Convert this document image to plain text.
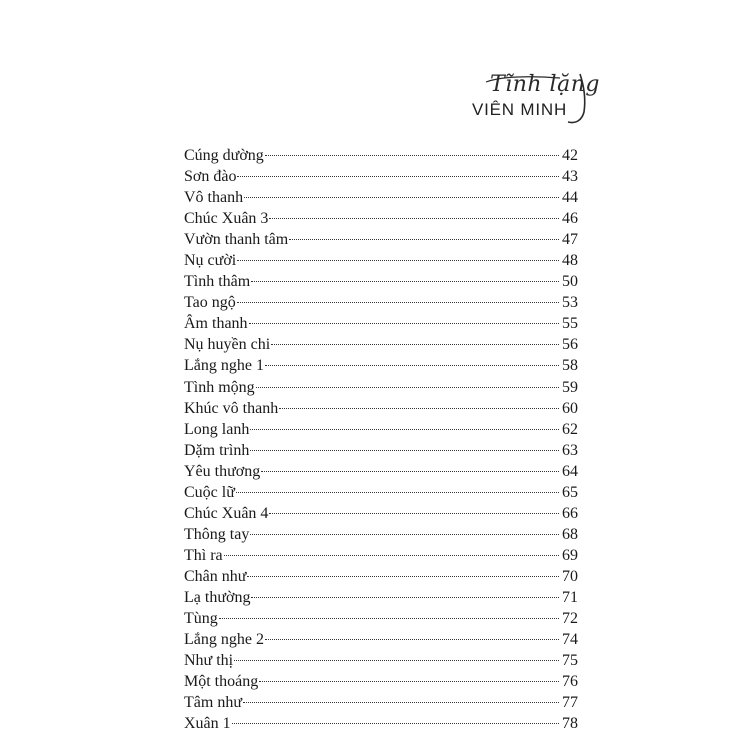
Tĩnh lặng
VIÊN MINH
Cúng dường	42
Sơn đào	43
Vô thanh	44
Chúc Xuân 3	46
Vườn thanh tâm	47
Nụ cười	48
Tình thâm	50
Tao ngộ	53
Âm thanh	55
Nụ huyền chi	56
Lắng nghe 1	58
Tình mộng	59
Khúc vô thanh	60
Long lanh	62
Dặm trình	63
Yêu thương	64
Cuộc lữ	65
Chúc Xuân 4	66
Thông tay	68
Thì ra	69
Chân như	70
Lạ thường	71
Tùng	72
Lắng nghe 2	74
Như thị	75
Một thoáng	76
Tâm như	77
Xuân 1	78
